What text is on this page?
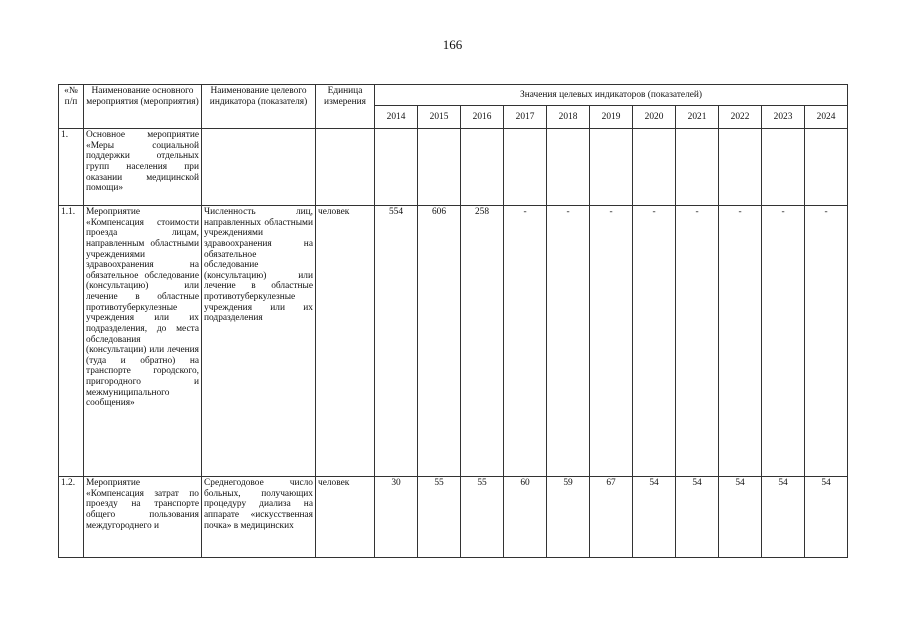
166
«№ п/п	Наименование основного мероприятия (мероприятия)	Наименование целевого индикатора (показателя)	Единица измерения	Значения целевых индикаторов (показателей)										
				2014	2015	2016	2017	2018	2019	2020	2021	2022	2023	2024
1.	Основное мероприятие «Меры социальной поддержки отдельных групп населения при оказании медицинской помощи»													
1.1.	Мероприятие «Компенсация стоимости проезда лицам, направленным областными учреждениями здравоохранения на обязательное обследование (консультацию) или лечение в областные противотуберкулезные учреждения или их подразделения, до места обследования (консультации) или лечения (туда и обратно) на транспорте городского, пригородного и межмуниципального сообщения»	Численность лиц, направленных областными учреждениями здравоохранения на обязательное обследование (консультацию) или лечение в областные противотуберкулезные учреждения или их подразделения	человек	554	606	258	-	-	-	-	-	-	-	-
1.2.	Мероприятие «Компенсация затрат по проезду на транспорте общего пользования междугороднего и	Среднегодовое число больных, получающих процедуру диализа на аппарате «искусственная почка» в медицинских	человек	30	55	55	60	59	67	54	54	54	54	54
